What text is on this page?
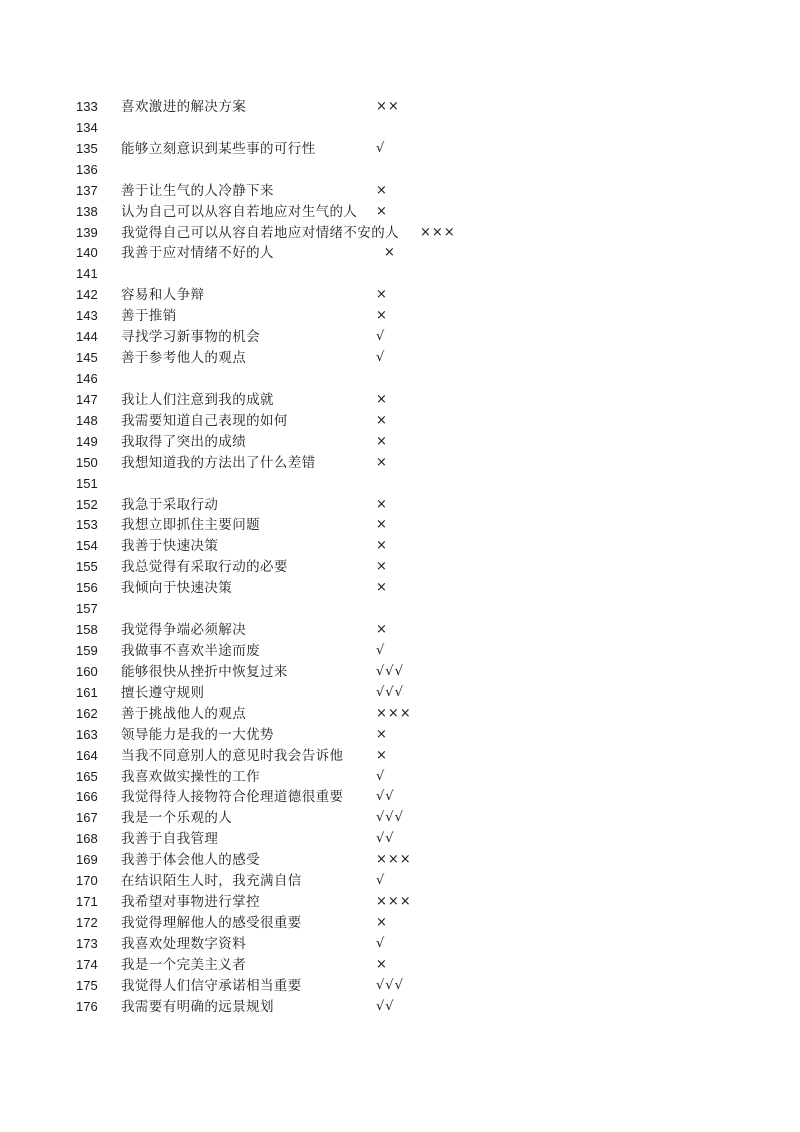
133	喜欢激进的解决方案	××
134
135	能够立刻意识到某些事的可行性	√
136
137	善于让生气的人冷静下来	×
138	认为自己可以从容自若地应对生气的人 ×
139	我觉得自己可以从容自若地应对情绪不安的人 ×××
140	我善于应对情绪不好的人	×
141
142	容易和人争辩	×
143	善于推销	×
144	寻找学习新事物的机会	√
145	善于参考他人的观点	√
146
147	我让人们注意到我的成就	×
148	我需要知道自己表现的如何	×
149	我取得了突出的成绩	×
150	我想知道我的方法出了什么差错	×
151
152	我急于采取行动	×
153	我想立即抓住主要问题	×
154	我善于快速决策	×
155	我总觉得有采取行动的必要	×
156	我倾向于快速决策	×
157
158	我觉得争端必须解决	×
159	我做事不喜欢半途而废	√
160	能够很快从挫折中恢复过来	√√√
161	擅长遵守规则	√√√
162	善于挑战他人的观点	×××
163	领导能力是我的一大优势	×
164	当我不同意别人的意见时我会告诉他	×
165	我喜欢做实操性的工作	√
166	我觉得待人接物符合伦理道德很重要	√√
167	我是一个乐观的人	√√√
168	我善于自我管理	√√
169	我善于体会他人的感受	×××
170	在结识陌生人时，我充满自信	√
171	我希望对事物进行掌控	×××
172	我觉得理解他人的感受很重要	×
173	我喜欢处理数字资料	√
174	我是一个完美主义者	×
175	我觉得人们信守承诺相当重要	√√√
176	我需要有明确的远景规划	√√
